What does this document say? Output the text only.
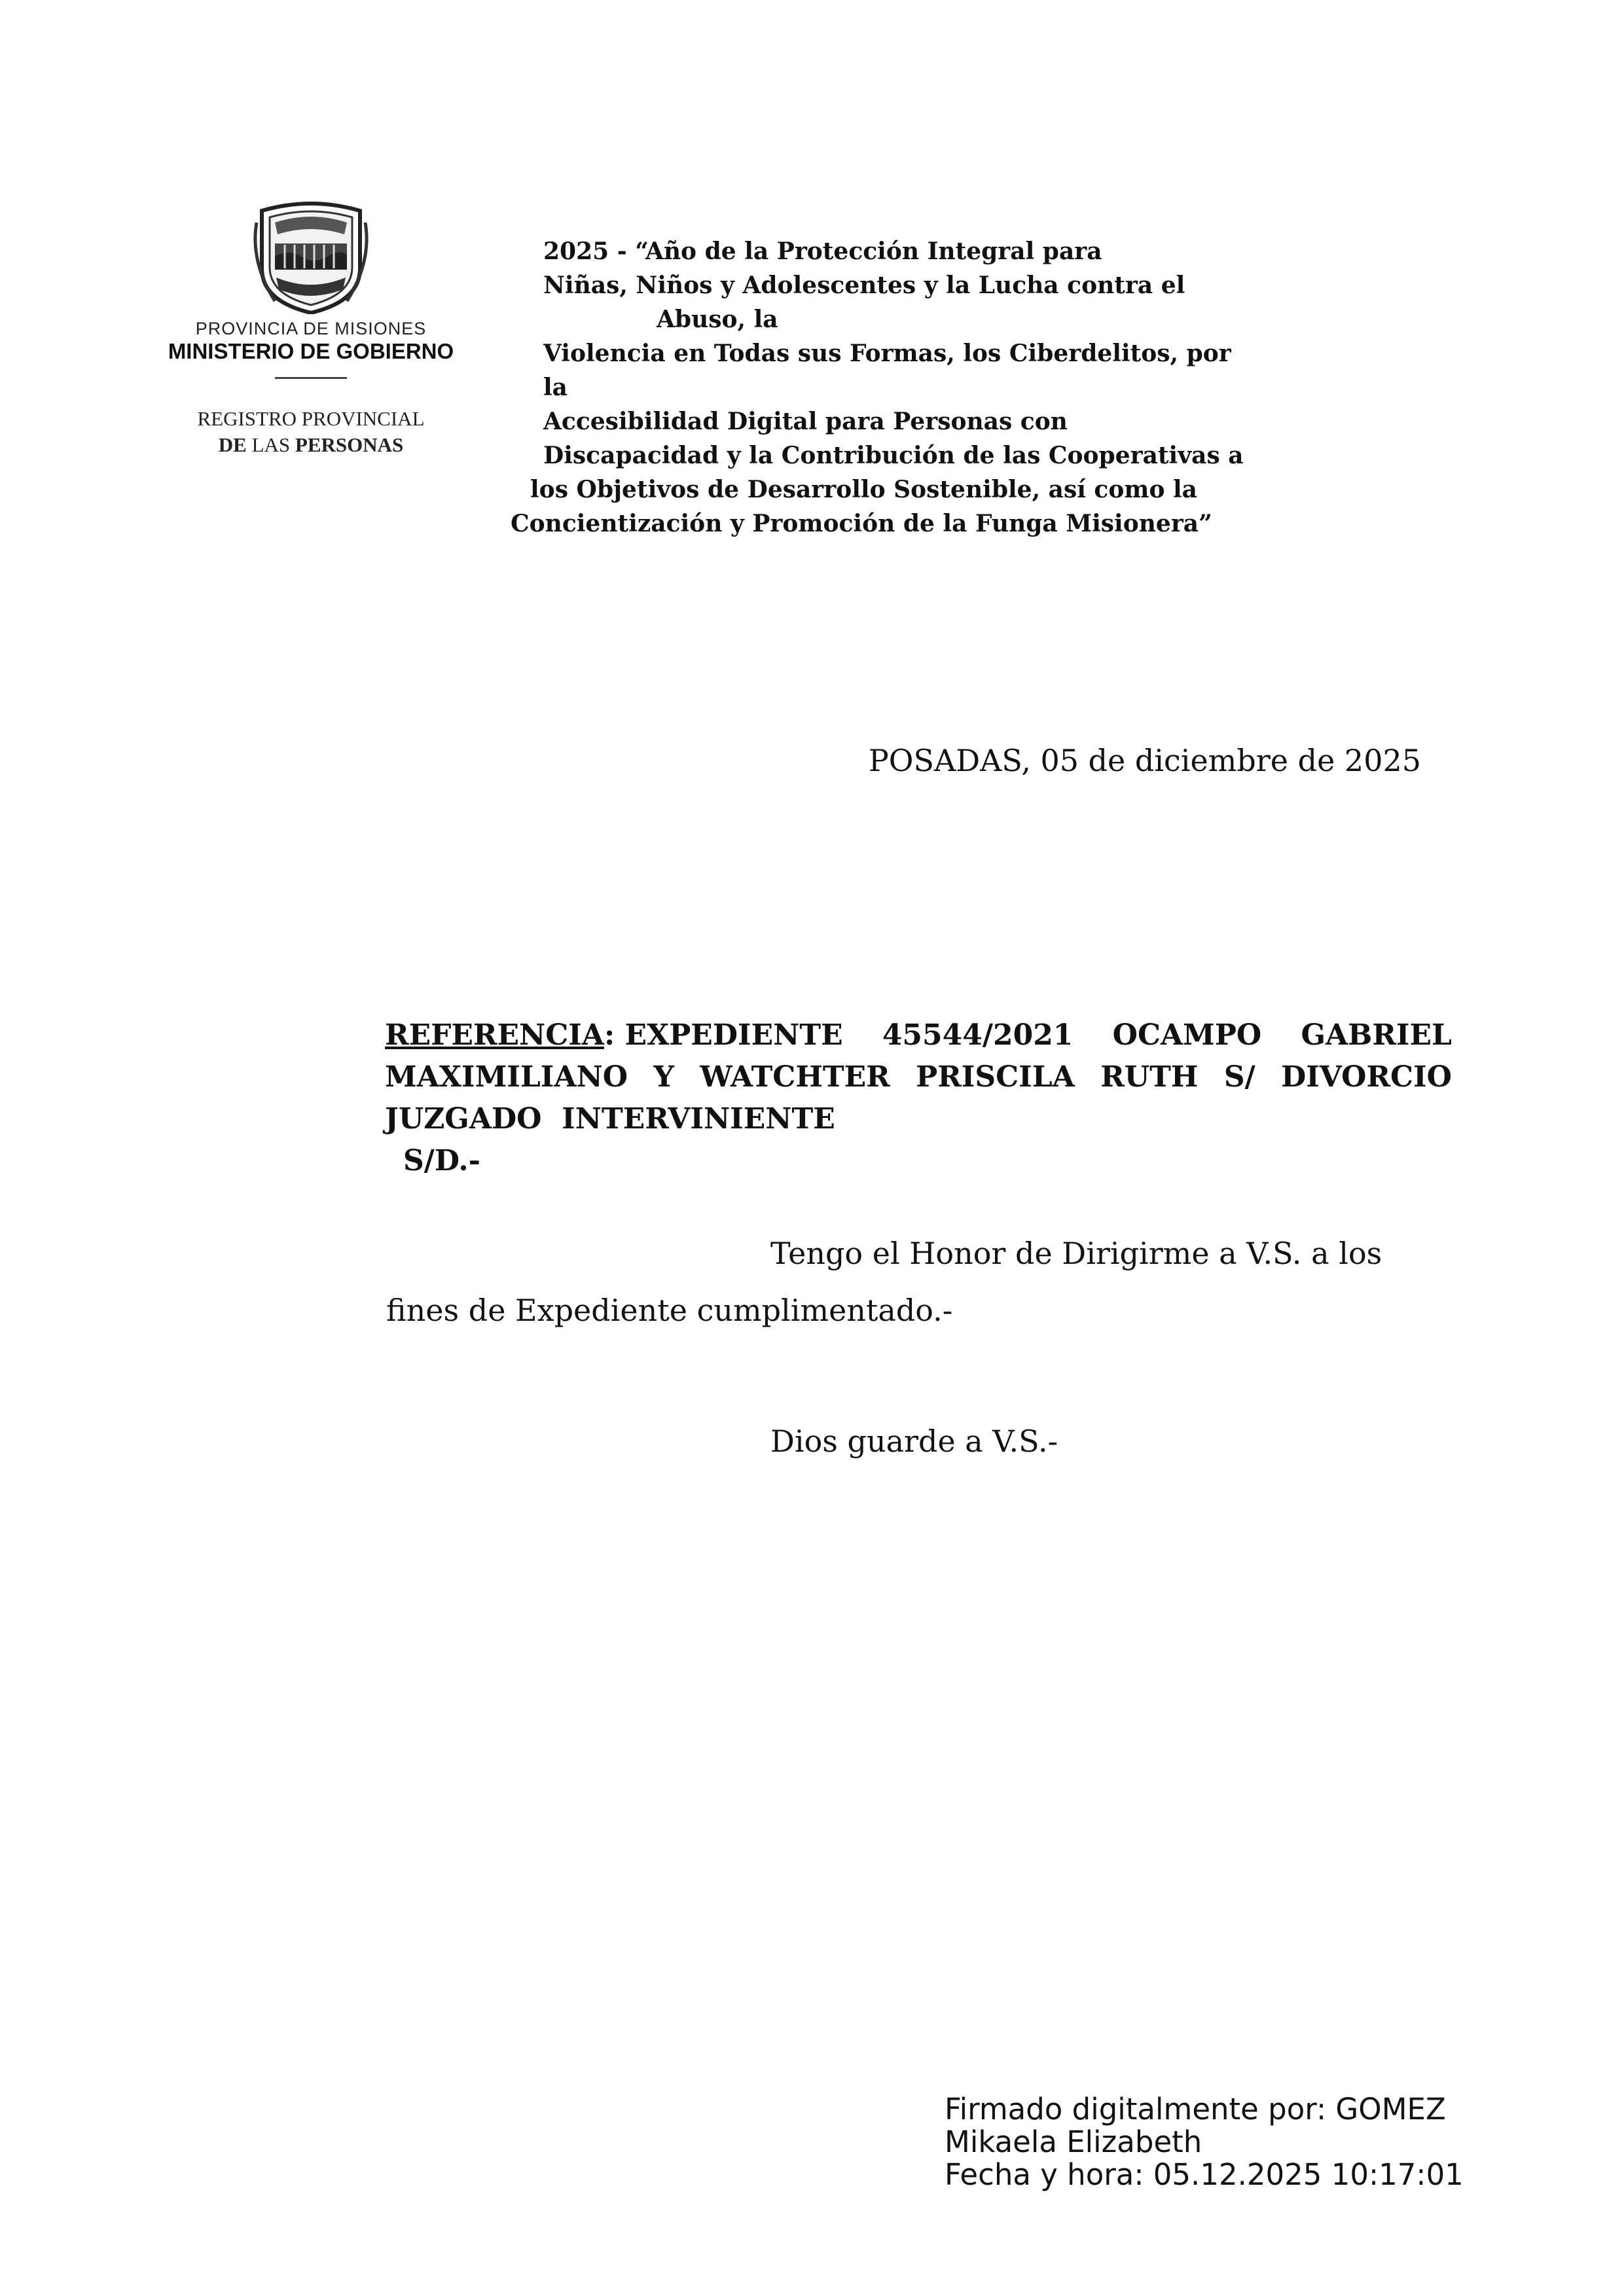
PROVINCIA DE MISIONES
MINISTERIO DE GOBIERNO
REGISTRO PROVINCIAL
DE LAS PERSONAS
2025 - “Año de la Protección Integral para
Niñas, Niños y Adolescentes y la Lucha contra el
Abuso, la
Violencia en Todas sus Formas, los Ciberdelitos, por
la
Accesibilidad Digital para Personas con
Discapacidad y la Contribución de las Cooperativas a
los Objetivos de Desarrollo Sostenible, así como la
Concientización y Promoción de la Funga Misionera”
POSADAS, 05 de diciembre de 2025
REFERENCIA: EXPEDIENTE 45544/2021 OCAMPO GABRIEL
MAXIMILIANO Y WATCHTER PRISCILA RUTH S/ DIVORCIO
JUZGADO  INTERVINIENTE
S/D.-
Tengo el Honor de Dirigirme a V.S. a los
fines de Expediente cumplimentado.-
Dios guarde a V.S.-
Firmado digitalmente por: GOMEZ
Mikaela Elizabeth
Fecha y hora: 05.12.2025 10:17:01
